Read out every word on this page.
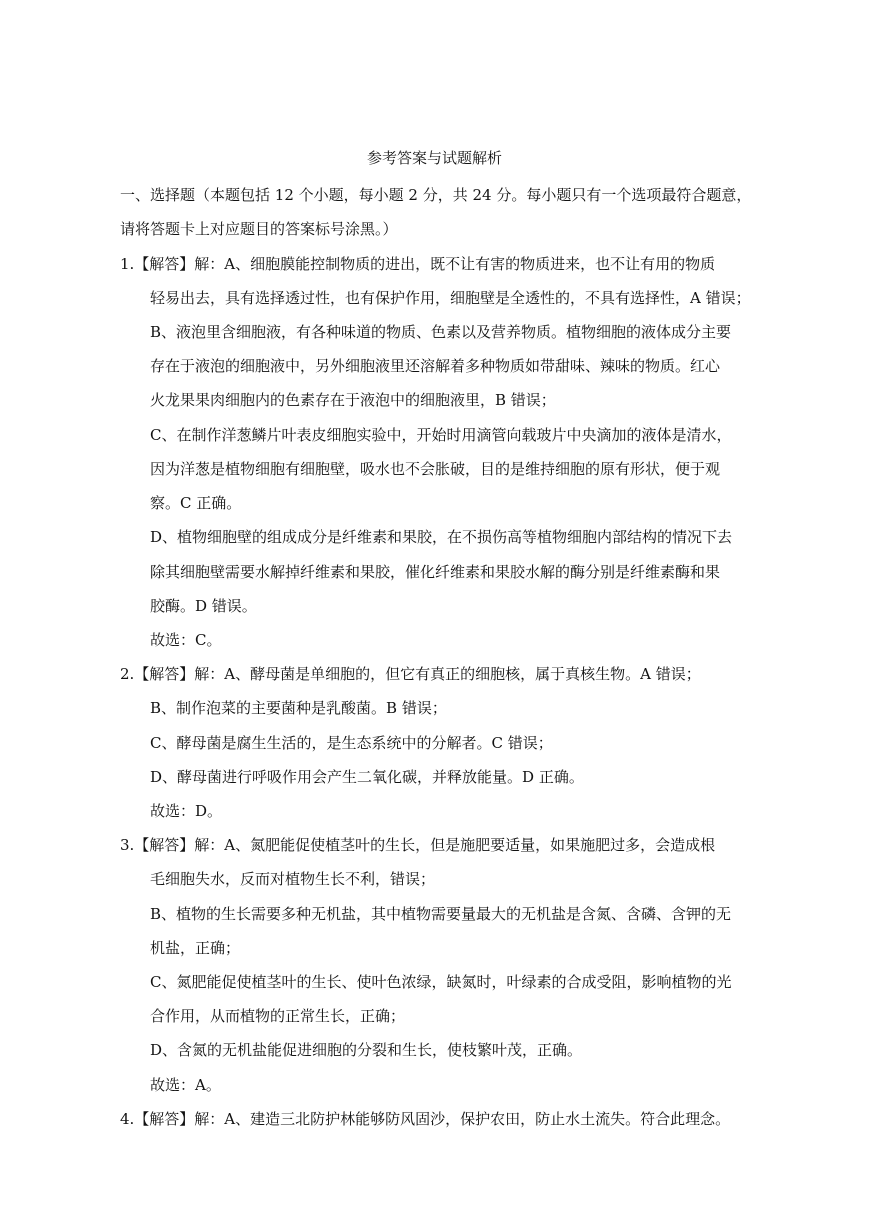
参考答案与试题解析
一、选择题（本题包括 12 个小题，每小题 2 分，共 24 分。每小题只有一个选项最符合题意，
请将答题卡上对应题目的答案标号涂黑。）
1.【解答】解：A、细胞膜能控制物质的进出，既不让有害的物质进来，也不让有用的物质
轻易出去，具有选择透过性，也有保护作用，细胞壁是全透性的，不具有选择性，A 错误；
B、液泡里含细胞液，有各种味道的物质、色素以及营养物质。植物细胞的液体成分主要
存在于液泡的细胞液中，另外细胞液里还溶解着多种物质如带甜味、辣味的物质。红心
火龙果果肉细胞内的色素存在于液泡中的细胞液里，B 错误；
C、在制作洋葱鳞片叶表皮细胞实验中，开始时用滴管向载玻片中央滴加的液体是清水，
因为洋葱是植物细胞有细胞壁，吸水也不会胀破，目的是维持细胞的原有形状，便于观
察。C 正确。
D、植物细胞壁的组成成分是纤维素和果胶，在不损伤高等植物细胞内部结构的情况下去
除其细胞壁需要水解掉纤维素和果胶，催化纤维素和果胶水解的酶分别是纤维素酶和果
胶酶。D 错误。
故选：C。
2.【解答】解：A、酵母菌是单细胞的，但它有真正的细胞核，属于真核生物。A 错误；
B、制作泡菜的主要菌种是乳酸菌。B 错误；
C、酵母菌是腐生生活的，是生态系统中的分解者。C 错误；
D、酵母菌进行呼吸作用会产生二氧化碳，并释放能量。D 正确。
故选：D。
3.【解答】解：A、氮肥能促使植茎叶的生长，但是施肥要适量，如果施肥过多，会造成根
毛细胞失水，反而对植物生长不利，错误；
B、植物的生长需要多种无机盐，其中植物需要量最大的无机盐是含氮、含磷、含钾的无
机盐，正确；
C、氮肥能促使植茎叶的生长、使叶色浓绿，缺氮时，叶绿素的合成受阻，影响植物的光
合作用，从而植物的正常生长，正确；
D、含氮的无机盐能促进细胞的分裂和生长，使枝繁叶茂，正确。
故选：A。
4.【解答】解：A、建造三北防护林能够防风固沙，保护农田，防止水土流失。符合此理念。
